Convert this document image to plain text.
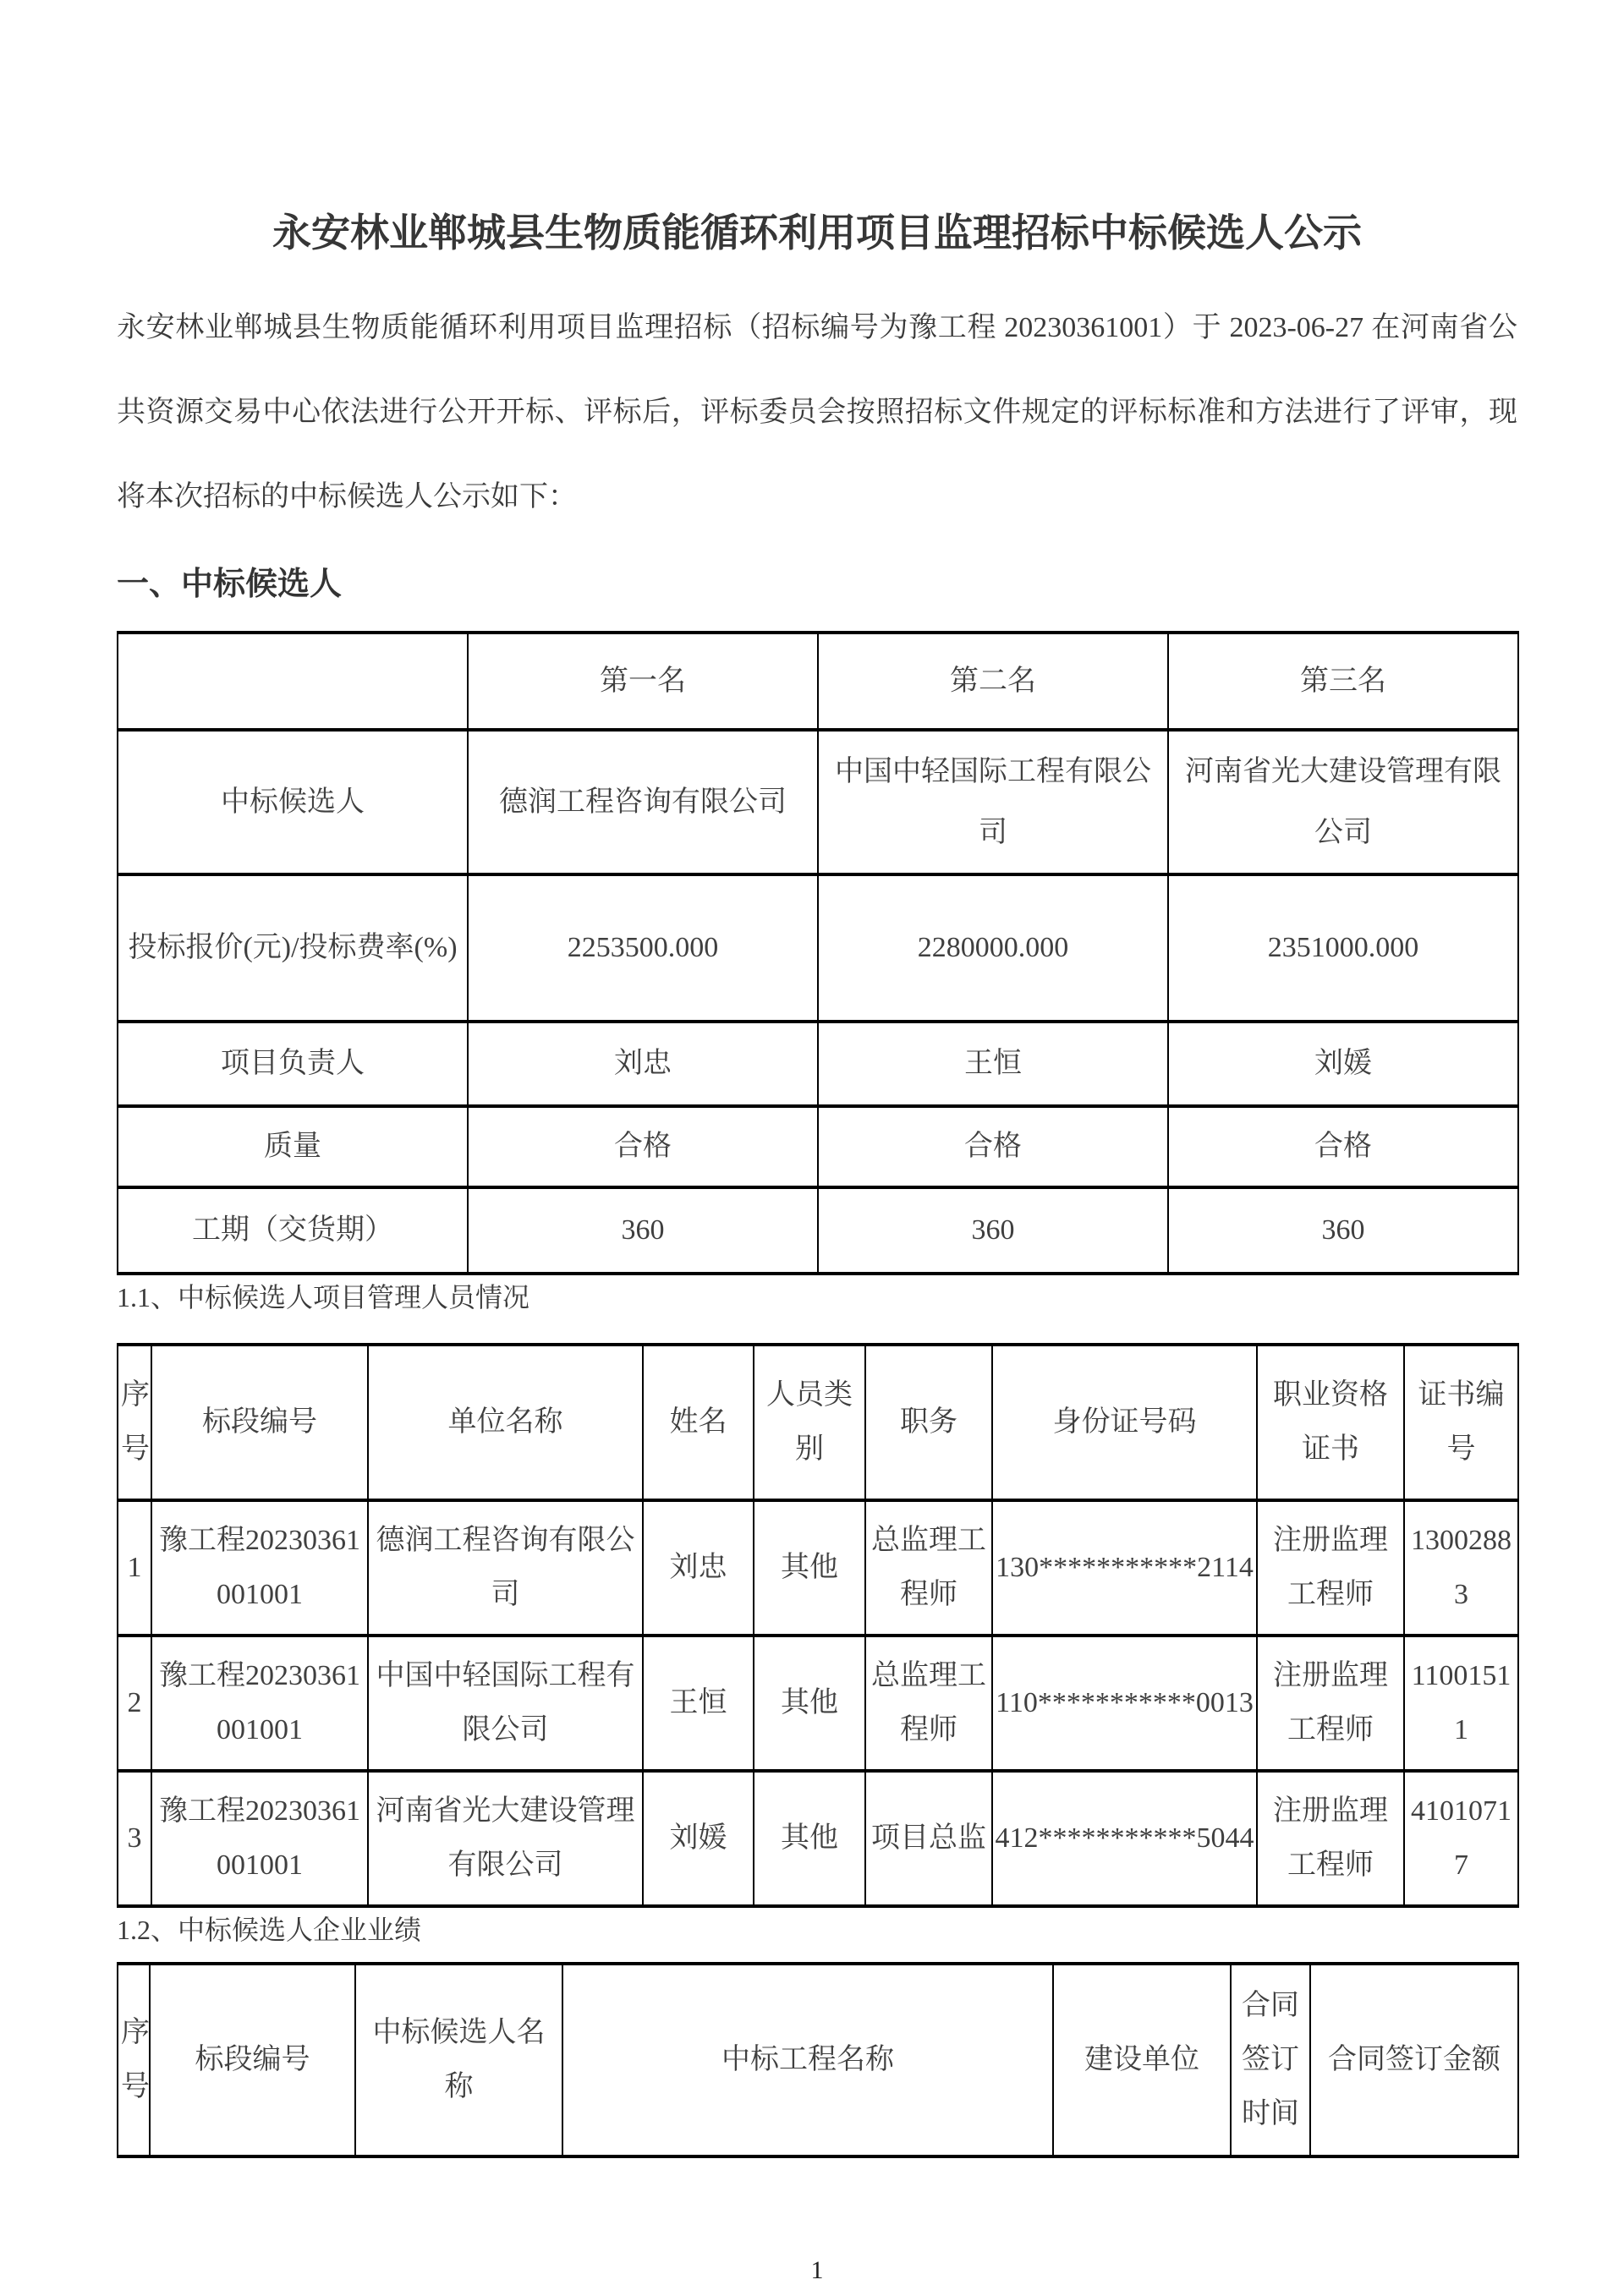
永安林业郸城县生物质能循环利用项目监理招标中标候选人公示

永安林业郸城县生物质能循环利用项目监理招标（招标编号为豫工程 20230361001）于 2023-06-27 在河南省公共资源交易中心依法进行公开开标、评标后，评标委员会按照招标文件规定的评标标准和方法进行了评审，现将本次招标的中标候选人公示如下：

一、中标候选人
	第一名	第二名	第三名
中标候选人	德润工程咨询有限公司	中国中轻国际工程有限公司	河南省光大建设管理有限公司
投标报价(元)/投标费率(%)	2253500.000	2280000.000	2351000.000
项目负责人	刘忠	王恒	刘媛
质量	合格	合格	合格
工期（交货期）	360	360	360
1.1、中标候选人项目管理人员情况
序号	标段编号	单位名称	姓名	人员类别	职务	身份证号码	职业资格证书	证书编号
1	豫工程20230361001001	德润工程咨询有限公司	刘忠	其他	总监理工程师	130***********2114	注册监理工程师	13002883
2	豫工程20230361001001	中国中轻国际工程有限公司	王恒	其他	总监理工程师	110***********0013	注册监理工程师	11001511
3	豫工程20230361001001	河南省光大建设管理有限公司	刘媛	其他	项目总监	412***********5044	注册监理工程师	41010717
1.2、中标候选人企业业绩
序号	标段编号	中标候选人名称	中标工程名称	建设单位	合同签订时间	合同签订金额
1
